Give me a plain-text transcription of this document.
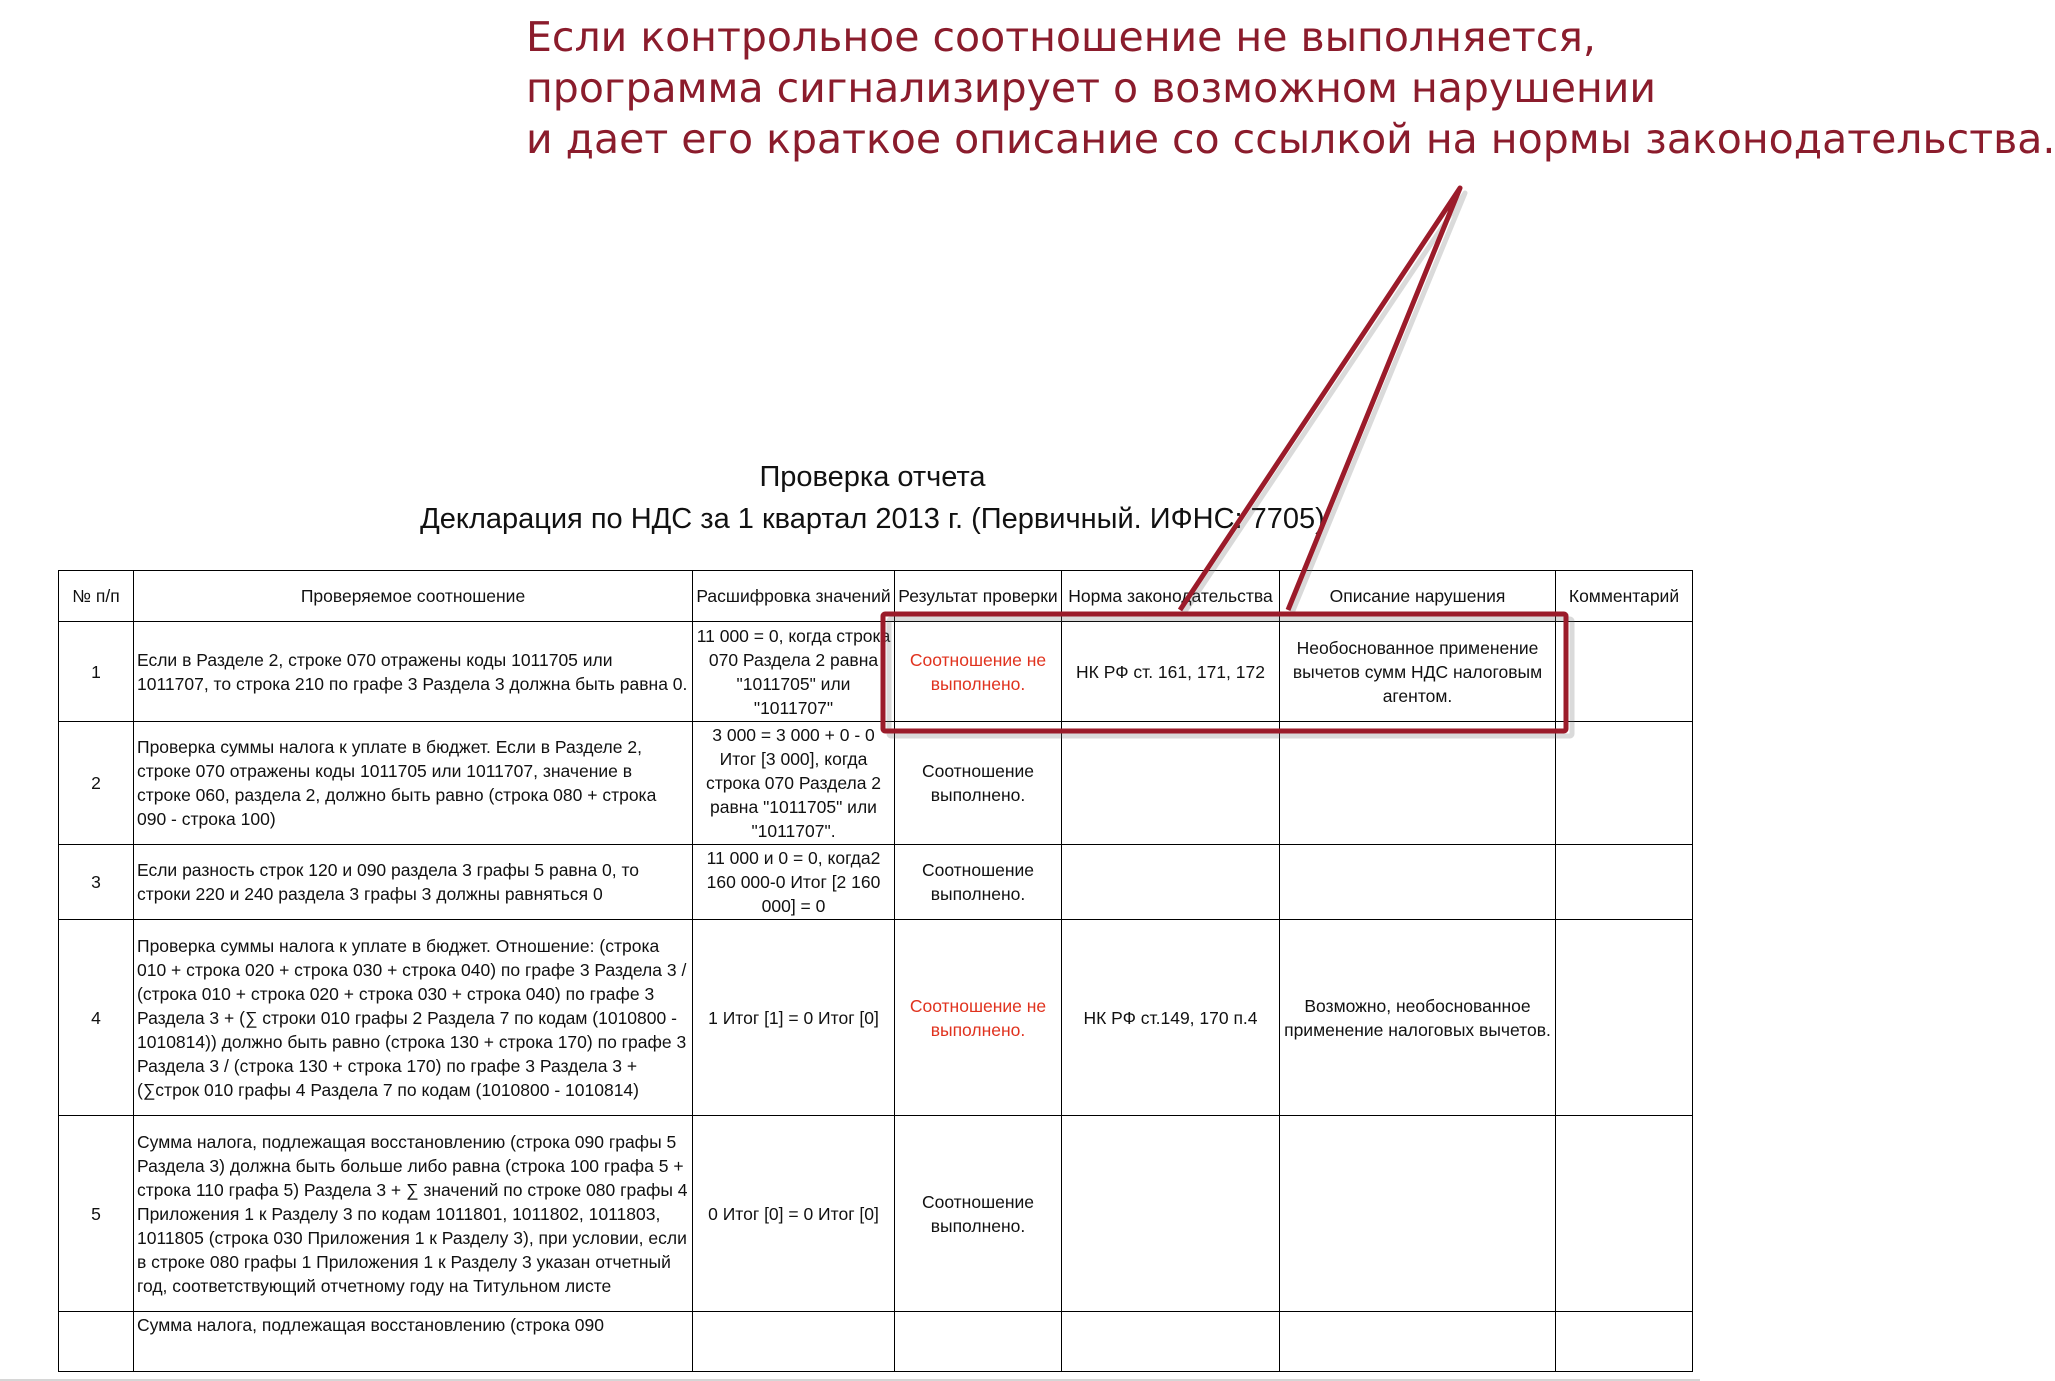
Если контрольное соотношение не выполняется,
программа сигнализирует о возможном нарушении
и дает его краткое описание со ссылкой на нормы законодательства.
Проверка отчета
Декларация по НДС за 1 квартал 2013 г. (Первичный. ИФНС: 7705)
№ п/п	Проверяемое соотношение	Расшифровка значений	Результат проверки	Норма законодательства	Описание нарушения	Комментарий
1	Если в Разделе 2, строке 070 отражены коды 1011705 или 1011707, то строка 210 по графе 3 Раздела 3 должна быть равна 0.	11 000 = 0, когда строка 070 Раздела 2 равна "1011705" или "1011707"	Соотношение не выполнено.	НК РФ ст. 161, 171, 172	Необоснованное применение вычетов сумм НДС налоговым агентом.	
2	Проверка суммы налога к уплате в бюджет. Если в Разделе 2, строке 070 отражены коды 1011705 или 1011707, значение в строке 060, раздела 2, должно быть равно (строка 080 + строка 090 - строка 100)	3 000 = 3 000 + 0 - 0 Итог [3 000], когда строка 070 Раздела 2 равна "1011705" или "1011707".	Соотношение выполнено.			
3	Если разность строк 120 и 090 раздела 3 графы 5 равна 0, то строки 220 и 240 раздела 3 графы 3 должны равняться 0	11 000 и 0 = 0, когда2 160 000-0 Итог [2 160 000] = 0	Соотношение выполнено.			
4	Проверка суммы налога к уплате в бюджет. Отношение: (строка 010 + строка 020 + строка 030 + строка 040) по графе 3 Раздела 3 / (строка 010 + строка 020 + строка 030 + строка 040) по графе 3 Раздела 3 + (∑ строки 010 графы 2 Раздела 7 по кодам (1010800 - 1010814)) должно быть равно (строка 130 + строка 170) по графе 3 Раздела 3 / (строка 130 + строка 170) по графе 3 Раздела 3 + (∑строк 010 графы 4 Раздела 7 по кодам (1010800 - 1010814)	1 Итог [1] = 0 Итог [0]	Соотношение не выполнено.	НК РФ ст.149, 170 п.4	Возможно, необоснованное применение налоговых вычетов.	
5	Сумма налога, подлежащая восстановлению (строка 090 графы 5 Раздела 3) должна быть больше либо равна (строка 100 графа 5 + строка 110 графа 5) Раздела 3 + ∑ значений по строке 080 графы 4 Приложения 1 к Разделу 3 по кодам 1011801, 1011802, 1011803, 1011805 (строка 030 Приложения 1 к Разделу 3), при условии, если в строке 080 графы 1 Приложения 1 к Разделу 3 указан отчетный год, соответствующий отчетному году на Титульном листе	0 Итог [0] = 0 Итог [0]	Соотношение выполнено.			
	Сумма налога, подлежащая восстановлению (строка 090					
